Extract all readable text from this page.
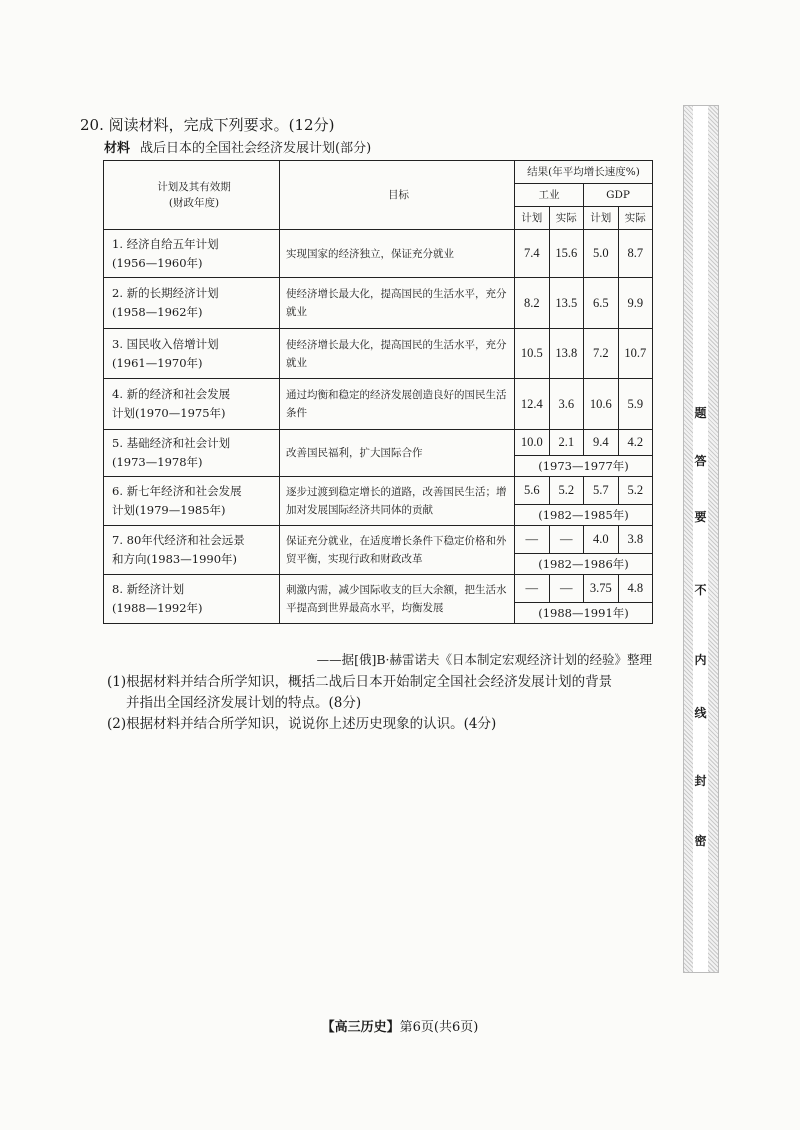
20. 阅读材料，完成下列要求。(12分)
材料 战后日本的全国社会经济发展计划(部分)
计划及其有效期
(财政年度)	目标	结果(年平均增长速度%)			
		工业		GDP	
		计划	实际	计划	实际

1. 经济自给五年计划
(1956—1960年)	实现国家的经济独立，保证充分就业	7.4	15.6	5.0	8.7

2. 新的长期经济计划
(1958—1962年)	使经济增长最大化，提高国民的生活水平，充分就业	8.2	13.5	6.5	9.9

3. 国民收入倍增计划
(1961—1970年)	使经济增长最大化，提高国民的生活水平，充分就业	10.5	13.8	7.2	10.7

4. 新的经济和社会发展
计划(1970—1975年)	通过均衡和稳定的经济发展创造良好的国民生活条件	12.4	3.6	10.6	5.9

5. 基础经济和社会计划
(1973—1978年)	改善国民福利，扩大国际合作	10.0	2.1	9.4	4.2
		(1973—1977年)			

6. 新七年经济和社会发展
计划(1979—1985年)	逐步过渡到稳定增长的道路，改善国民生活；增加对发展国际经济共同体的贡献	5.6	5.2	5.7	5.2
		(1982—1985年)			

7. 80年代经济和社会远景
和方向(1983—1990年)	保证充分就业，在适度增长条件下稳定价格和外贸平衡，实现行政和财政改革	—	—	4.0	3.8
		(1982—1986年)			

8. 新经济计划
(1988—1992年)	刺激内需，减少国际收支的巨大余额，把生活水平提高到世界最高水平，均衡发展	—	—	3.75	4.8
		(1988—1991年)			
——据[俄]B·赫雷诺夫《日本制定宏观经济计划的经验》整理

(1)根据材料并结合所学知识，概括二战后日本开始制定全国社会经济发展计划的背景

并指出全国经济发展计划的特点。(8分)

(2)根据材料并结合所学知识，说说你上述历史现象的认识。(4分)

【高三历史】第6页(共6页)
密
封
线
内
不
要
答
题
